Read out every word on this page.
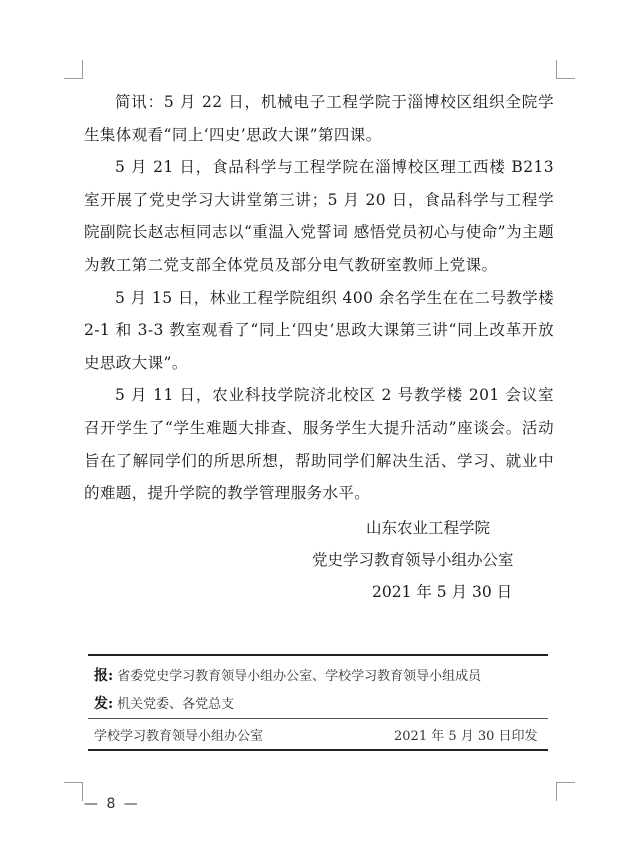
简讯：5 月 22 日，机械电子工程学院于淄博校区组织全院学生集体观看“同上‘四史’思政大课”第四课。

5 月 21 日，食品科学与工程学院在淄博校区理工西楼 B213 室开展了党史学习大讲堂第三讲；5 月 20 日，食品科学与工程学院副院长赵志桓同志以“重温入党誓词 感悟党员初心与使命”为主题为教工第二党支部全体党员及部分电气教研室教师上党课。

5 月 15 日，林业工程学院组织 400 余名学生在在二号教学楼 2-1 和 3-3 教室观看了“同上‘四史’思政大课第三讲“同上改革开放史思政大课”。

5 月 11 日，农业科技学院济北校区 2 号教学楼 201 会议室召开学生了“学生难题大排查、服务学生大提升活动”座谈会。活动旨在了解同学们的所思所想，帮助同学们解决生活、学习、就业中的难题，提升学院的教学管理服务水平。

山东农业工程学院
党史学习教育领导小组办公室
2021 年 5 月 30 日
报: 省委党史学习教育领导小组办公室、学校学习教育领导小组成员
发: 机关党委、各党总支
学校学习教育领导小组办公室	2021 年 5 月 30 日印发
— 8 —
